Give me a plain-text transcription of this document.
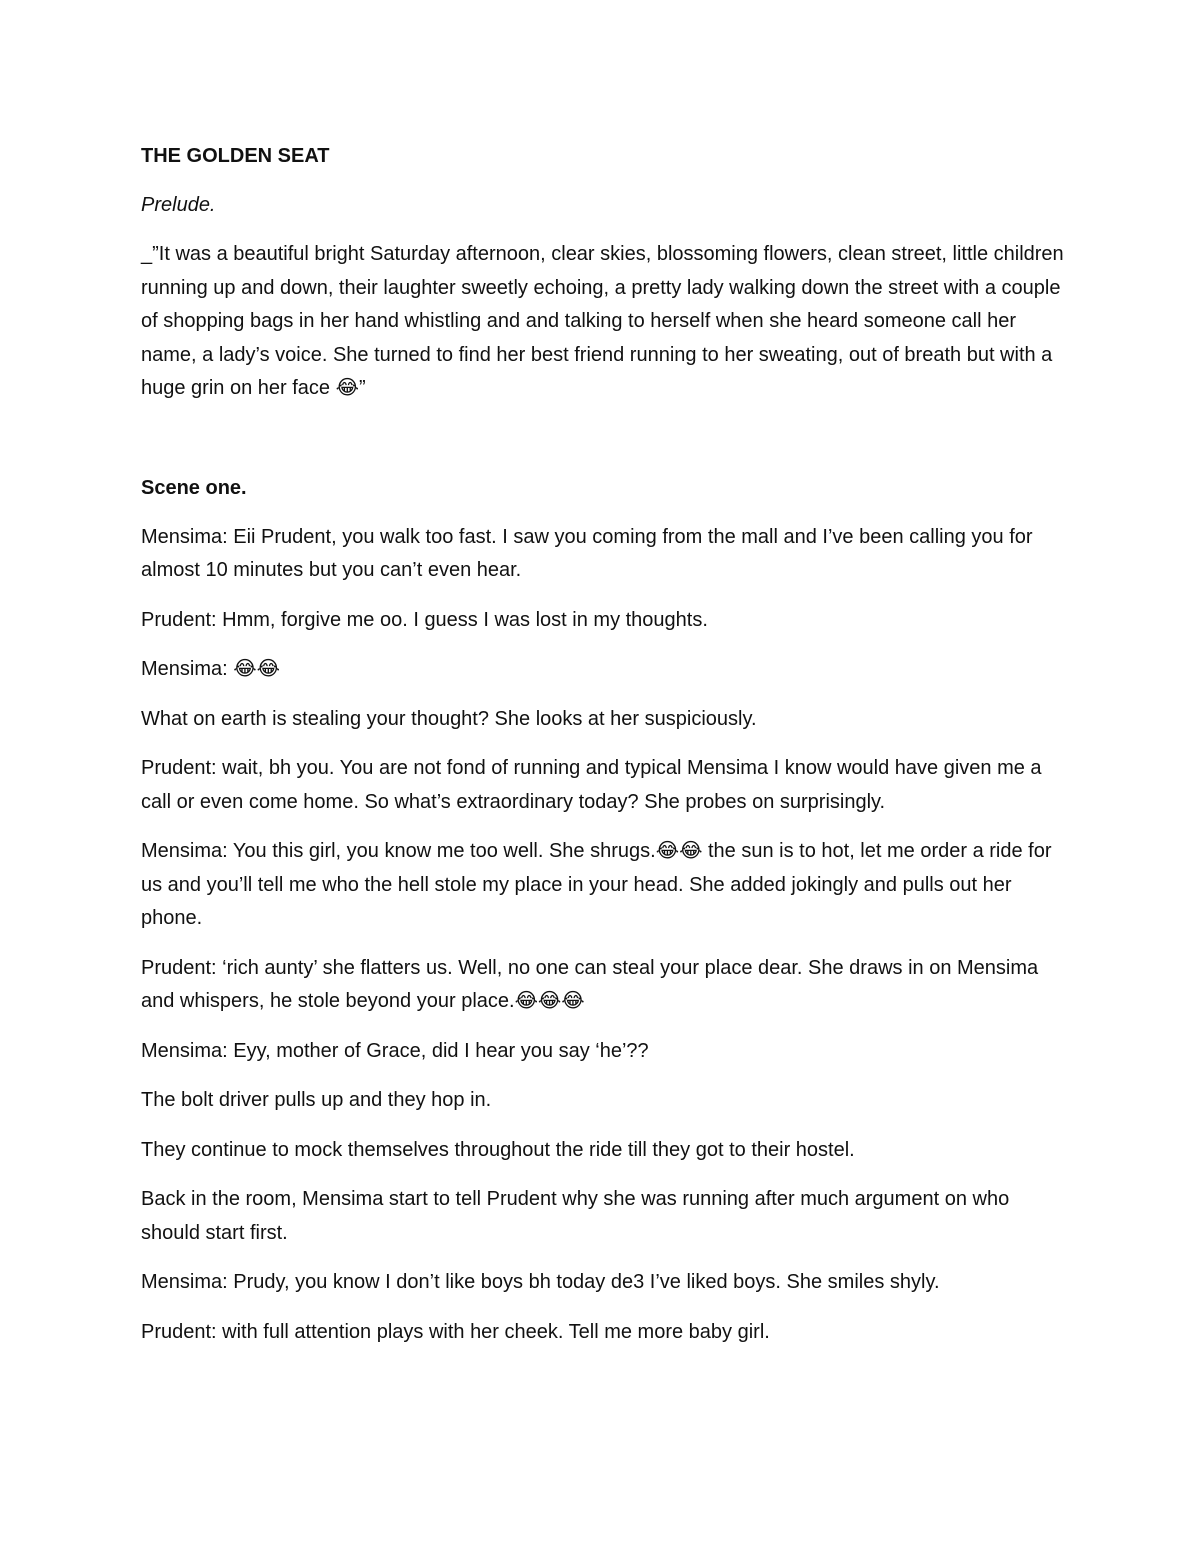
THE GOLDEN SEAT
Prelude.
_”It was a beautiful bright Saturday afternoon, clear skies, blossoming flowers, clean street, little children running up and down, their laughter sweetly echoing, a pretty lady walking down the street with a couple of shopping bags in her hand whistling and and talking to herself when she heard someone call her name, a lady’s voice. She turned to find her best friend running to her sweating, out of breath but with a huge grin on her face 😂”
Scene one.
Mensima: Eii Prudent, you walk too fast. I saw you coming from the mall and I’ve been calling you for almost 10 minutes but you can’t even hear.
Prudent: Hmm, forgive me oo. I guess I was lost in my thoughts.
Mensima: 😂😂
What on earth is stealing your thought? She looks at her suspiciously.
Prudent: wait, bh you. You are not fond of running and typical Mensima I know would have given me a call or even come home. So what’s extraordinary today? She probes on surprisingly.
Mensima: You this girl, you know me too well. She shrugs.😂😂 the sun is to hot, let me order a ride for us and you’ll tell me who the hell stole my place in your head. She added jokingly and pulls out her phone.
Prudent: ‘rich aunty’ she flatters us. Well, no one can steal your place dear. She draws in on Mensima and whispers, he stole beyond your place.😂😂😂
Mensima: Eyy, mother of Grace, did I hear you say ‘he’??
The bolt driver pulls up and they hop in.
They continue to mock themselves throughout the ride till they got to their hostel.
Back in the room, Mensima start to tell Prudent why she was running after much argument on who should start first.
Mensima: Prudy, you know I don’t like boys bh today de3 I’ve liked boys. She smiles shyly.
Prudent: with full attention plays with her cheek. Tell me more baby girl.
